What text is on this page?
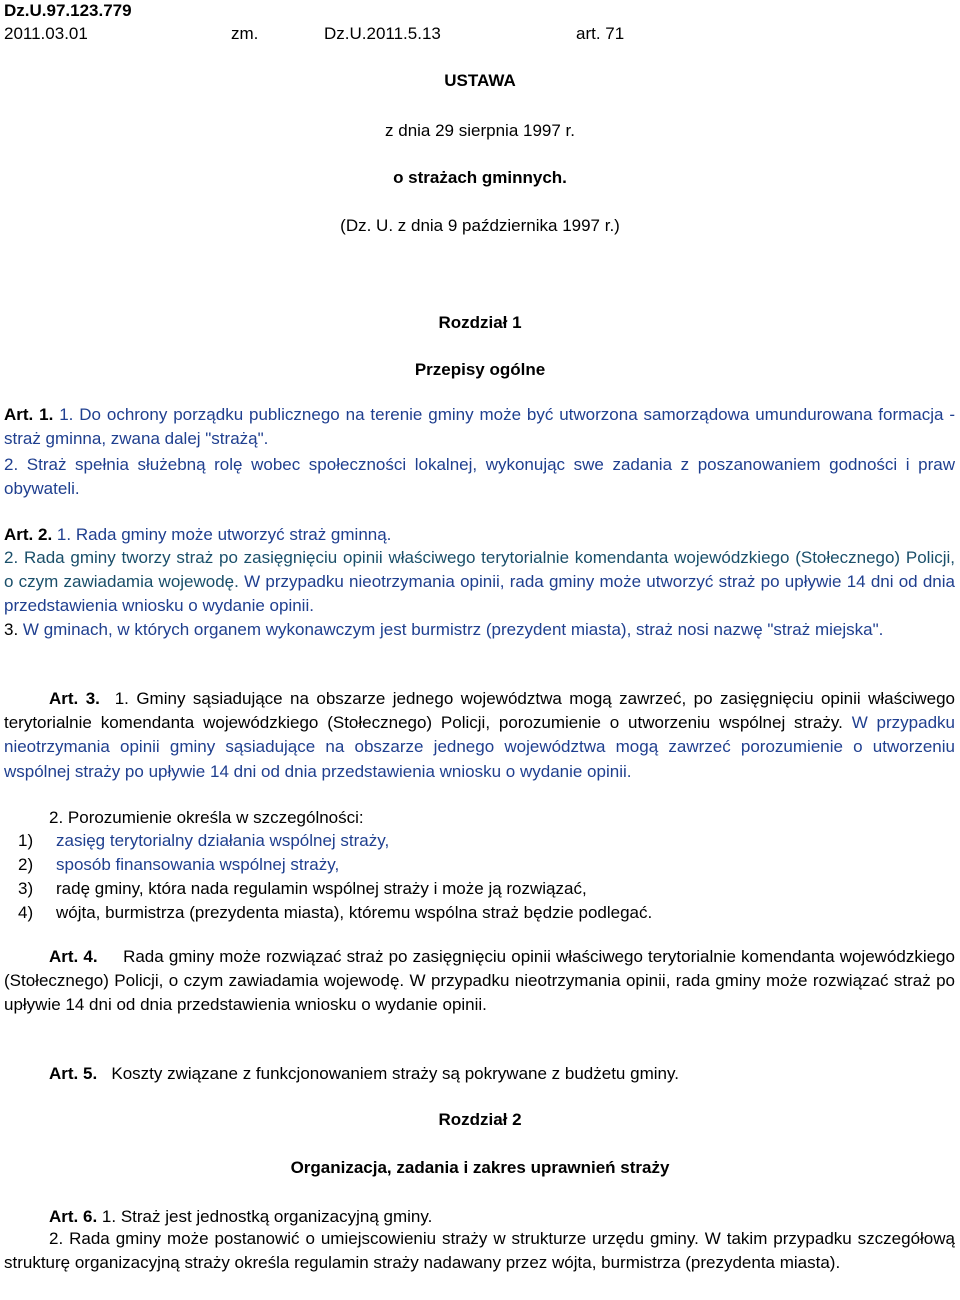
Dz.U.97.123.779
2011.03.01	zm.	Dz.U.2011.5.13	art. 71
USTAWA
z dnia 29 sierpnia 1997 r.
o strażach gminnych.
(Dz. U. z dnia 9 października 1997 r.)
Rozdział 1
Przepisy ogólne
Art. 1. 1. Do ochrony porządku publicznego na terenie gminy może być utworzona samorządowa umundurowana formacja - straż gminna, zwana dalej "strażą".
2. Straż spełnia służebną rolę wobec społeczności lokalnej, wykonując swe zadania z poszanowaniem godności i praw obywateli.
Art. 2. 1. Rada gminy może utworzyć straż gminną.
2. Rada gminy tworzy straż po zasięgnięciu opinii właściwego terytorialnie komendanta wojewódzkiego (Stołecznego) Policji, o czym zawiadamia wojewodę. W przypadku nieotrzymania opinii, rada gminy może utworzyć straż po upływie 14 dni od dnia przedstawienia wniosku o wydanie opinii.
3. W gminach, w których organem wykonawczym jest burmistrz (prezydent miasta), straż nosi nazwę "straż miejska".
Art. 3. 1. Gminy sąsiadujące na obszarze jednego województwa mogą zawrzeć, po zasięgnięciu opinii właściwego terytorialnie komendanta wojewódzkiego (Stołecznego) Policji, porozumienie o utworzeniu wspólnej straży. W przypadku nieotrzymania opinii gminy sąsiadujące na obszarze jednego województwa mogą zawrzeć porozumienie o utworzeniu wspólnej straży po upływie 14 dni od dnia przedstawienia wniosku o wydanie opinii.
2. Porozumienie określa w szczególności:
1) zasięg terytorialny działania wspólnej straży,
2) sposób finansowania wspólnej straży,
3) radę gminy, która nada regulamin wspólnej straży i może ją rozwiązać,
4) wójta, burmistrza (prezydenta miasta), któremu wspólna straż będzie podlegać.
Art. 4. Rada gminy może rozwiązać straż po zasięgnięciu opinii właściwego terytorialnie komendanta wojewódzkiego (Stołecznego) Policji, o czym zawiadamia wojewodę. W przypadku nieotrzymania opinii, rada gminy może rozwiązać straż po upływie 14 dni od dnia przedstawienia wniosku o wydanie opinii.
Art. 5. Koszty związane z funkcjonowaniem straży są pokrywane z budżetu gminy.
Rozdział 2
Organizacja, zadania i zakres uprawnień straży
Art. 6. 1. Straż jest jednostką organizacyjną gminy.
2. Rada gminy może postanowić o umiejscowieniu straży w strukturze urzędu gminy. W takim przypadku szczegółową strukturę organizacyjną straży określa regulamin straży nadawany przez wójta, burmistrza (prezydenta miasta).
